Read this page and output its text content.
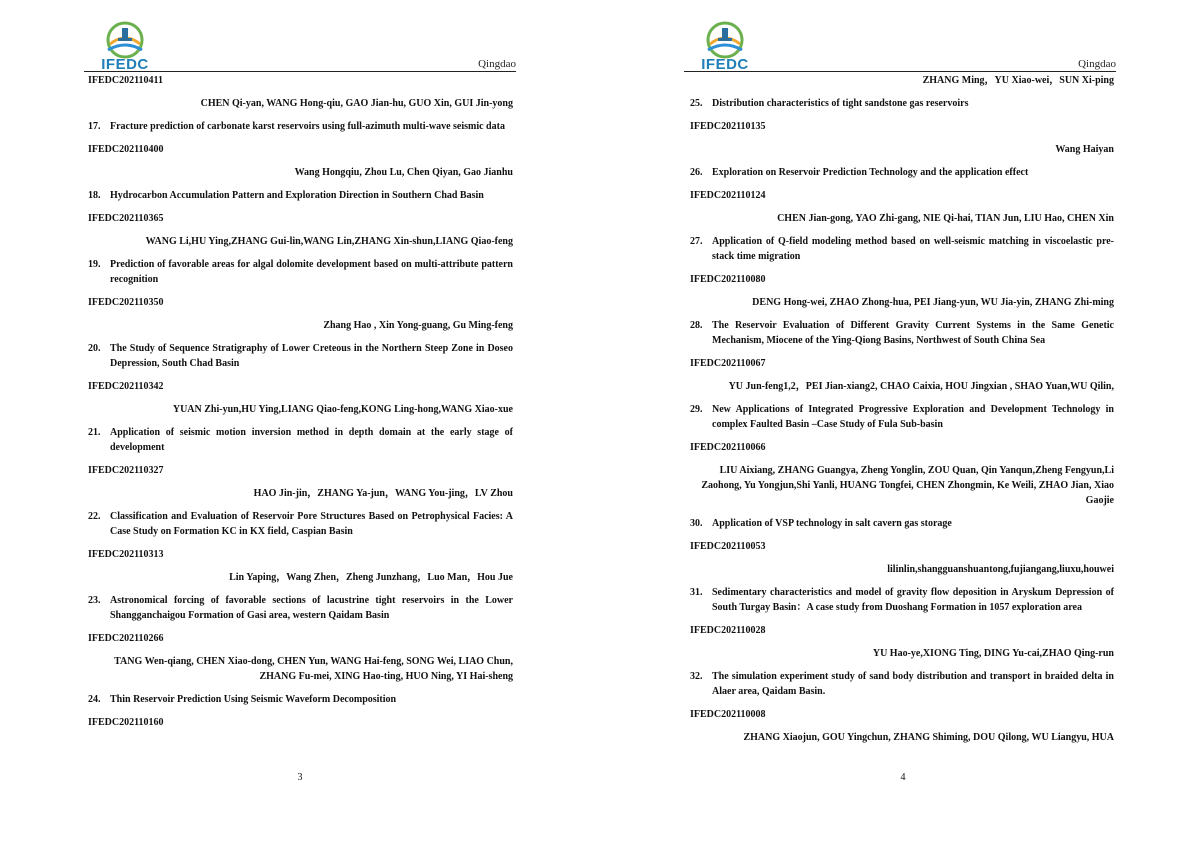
IFEDC	Qingdao
IFEDC202110411
CHEN Qi-yan, WANG Hong-qiu, GAO Jian-hu, GUO Xin, GUI Jin-yong
17. Fracture prediction of carbonate karst reservoirs using full-azimuth multi-wave seismic data
IFEDC202110400
Wang Hongqiu, Zhou Lu, Chen Qiyan, Gao Jianhu
18. Hydrocarbon Accumulation Pattern and Exploration Direction in Southern Chad Basin
IFEDC202110365
WANG Li,HU Ying,ZHANG Gui-lin,WANG Lin,ZHANG Xin-shun,LIANG Qiao-feng
19. Prediction of favorable areas for algal dolomite development based on multi-attribute pattern recognition
IFEDC202110350
Zhang Hao , Xin Yong-guang, Gu Ming-feng
20. The Study of Sequence Stratigraphy of Lower Creteous in the Northern Steep Zone in Doseo Depression, South Chad Basin
IFEDC202110342
YUAN Zhi-yun,HU Ying,LIANG Qiao-feng,KONG Ling-hong,WANG Xiao-xue
21. Application of seismic motion inversion method in depth domain at the early stage of development
IFEDC202110327
HAO Jin-jin，ZHANG Ya-jun，WANG You-jing，LV Zhou
22. Classification and Evaluation of Reservoir Pore Structures Based on Petrophysical Facies: A Case Study on Formation KC in KX field, Caspian Basin
IFEDC202110313
Lin Yaping，Wang Zhen，Zheng Junzhang，Luo Man，Hou Jue
23. Astronomical forcing of favorable sections of lacustrine tight reservoirs in the Lower Shangganchaigou Formation of Gasi area, western Qaidam Basin
IFEDC202110266
TANG Wen-qiang, CHEN Xiao-dong, CHEN Yun, WANG Hai-feng, SONG Wei, LIAO Chun, ZHANG Fu-mei, XING Hao-ting, HUO Ning, YI Hai-sheng
24. Thin Reservoir Prediction Using Seismic Waveform Decomposition
IFEDC202110160
3
IFEDC	Qingdao
ZHANG Ming，YU Xiao-wei，SUN Xi-ping
25. Distribution characteristics of tight sandstone gas reservoirs
IFEDC202110135
Wang Haiyan
26. Exploration on Reservoir Prediction Technology and the application effect
IFEDC202110124
CHEN Jian-gong, YAO Zhi-gang, NIE Qi-hai, TIAN Jun, LIU Hao, CHEN Xin
27. Application of Q-field modeling method based on well-seismic matching in viscoelastic pre-stack time migration
IFEDC202110080
DENG Hong-wei, ZHAO Zhong-hua, PEI Jiang-yun, WU Jia-yin, ZHANG Zhi-ming
28. The Reservoir Evaluation of Different Gravity Current Systems in the Same Genetic Mechanism, Miocene of the Ying-Qiong Basins, Northwest of South China Sea
IFEDC202110067
YU Jun-feng1,2，PEI Jian-xiang2, CHAO Caixia, HOU Jingxian , SHAO Yuan,WU Qilin,
29. New Applications of Integrated Progressive Exploration and Development Technology in complex Faulted Basin –Case Study of Fula Sub-basin
IFEDC202110066
LIU Aixiang, ZHANG Guangya, Zheng Yonglin, ZOU Quan, Qin Yanqun,Zheng Fengyun,Li Zaohong, Yu Yongjun,Shi Yanli, HUANG Tongfei, CHEN Zhongmin, Ke Weili, ZHAO Jian, Xiao Gaojie
30. Application of VSP technology in salt cavern gas storage
IFEDC202110053
lilinlin,shangguanshuantong,fujiangang,liuxu,houwei
31. Sedimentary characteristics and model of gravity flow deposition in Aryskum Depression of South Turgay Basin：A case study from Duoshang Formation in 1057 exploration area
IFEDC202110028
YU Hao-ye,XIONG Ting, DING Yu-cai,ZHAO Qing-run
32. The simulation experiment study of sand body distribution and transport in braided delta in Alaer area, Qaidam Basin.
IFEDC202110008
ZHANG Xiaojun, GOU Yingchun, ZHANG Shiming, DOU Qilong, WU Liangyu, HUA
4
